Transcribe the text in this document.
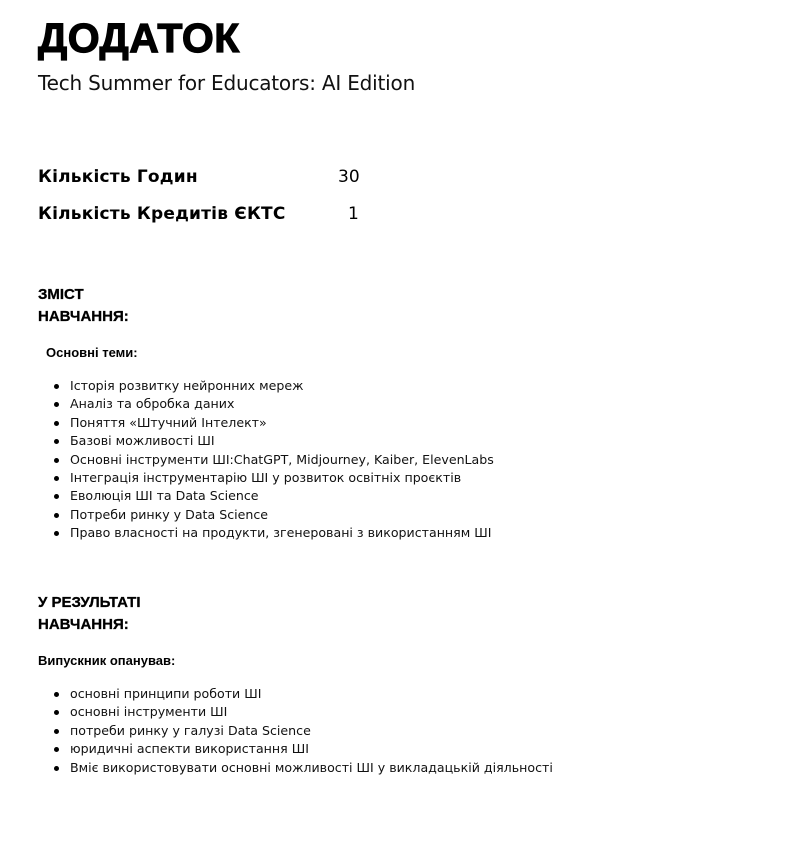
ДОДАТОК
Tech Summer for Educators: AI Edition
Кількість Годин	30
Кількість Кредитів ЄКТС	1
ЗМІСТ
НАВЧАННЯ:
Основні теми:
Історія розвитку нейронних мереж
Аналіз та обробка даних
Поняття «Штучний Інтелект»
Базові можливості ШІ
Основні інструменти ШІ:ChatGPT, Midjourney, Kaiber, ElevenLabs
Інтеграція інструментарію ШІ у розвиток освітніх проєктів
Еволюція ШІ та Data Science
Потреби ринку у Data Science
Право власності на продукти, згенеровані з використанням ШІ
У РЕЗУЛЬТАТІ
НАВЧАННЯ:
Випускник опанував:
основні принципи роботи ШІ
основні інструменти ШІ
потреби ринку у галузі Data Science
юридичні аспекти використання ШІ
Вміє використовувати основні можливості ШІ у викладацькій діяльності
